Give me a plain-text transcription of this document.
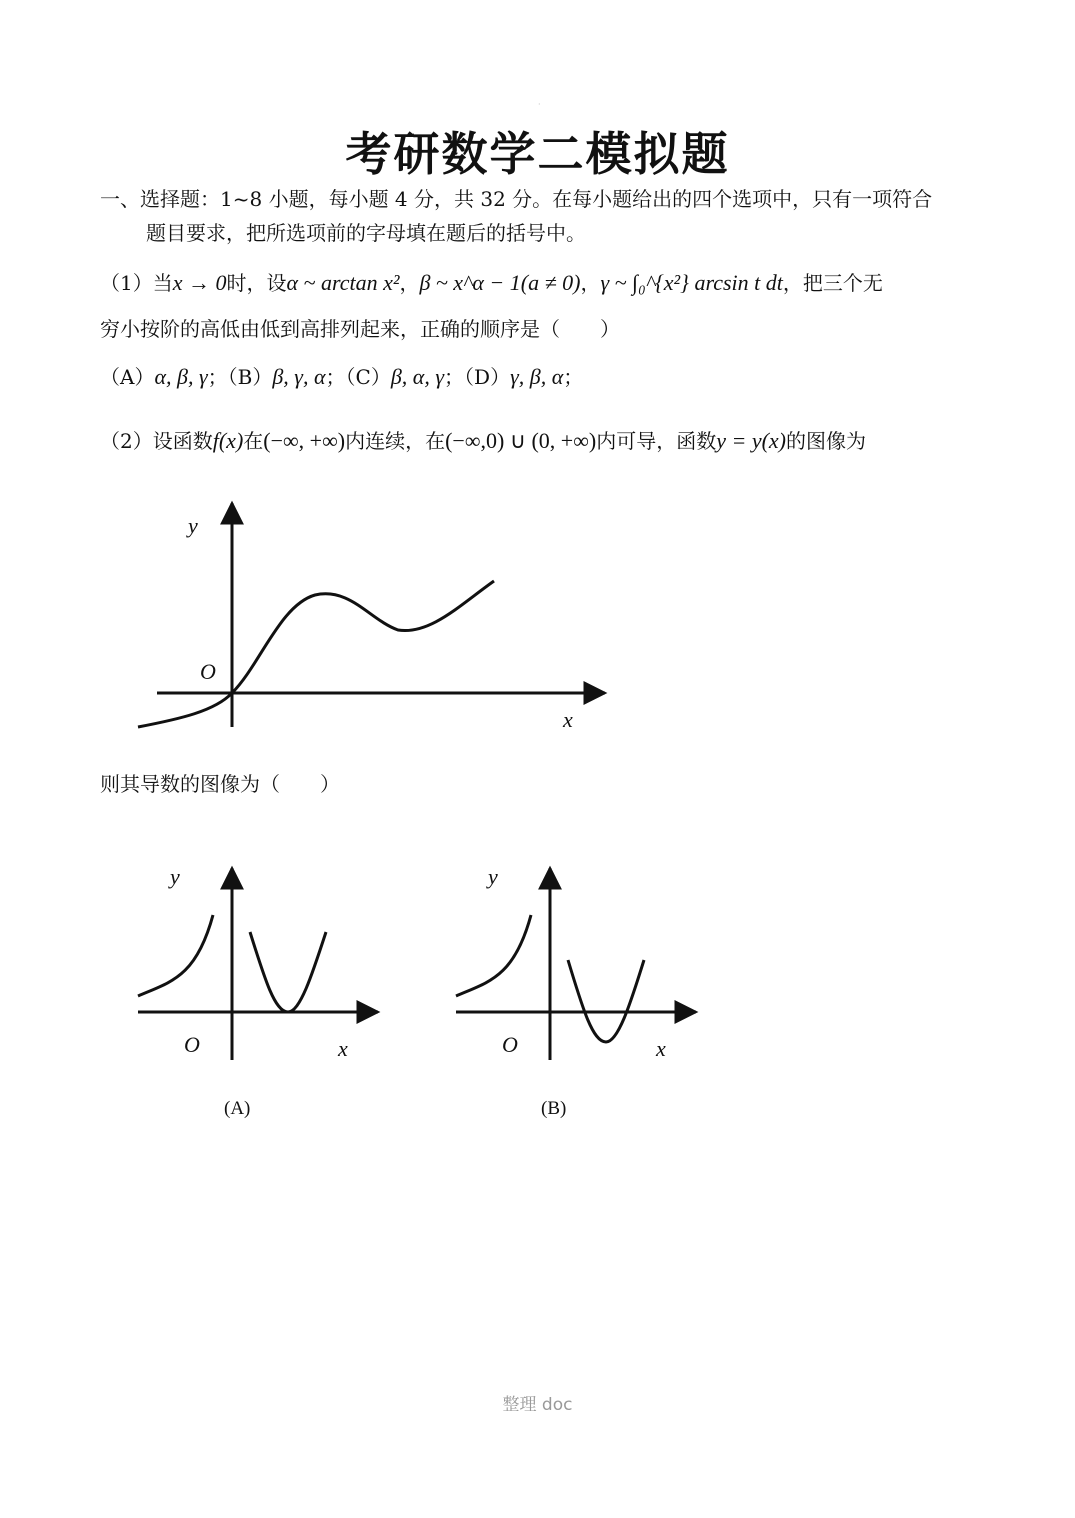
·
考研数学二模拟题
一、选择题：1~8 小题，每小题 4 分，共 32 分。在每小题给出的四个选项中，只有一项符合
题目要求，把所选项前的字母填在题后的括号中。
（1）当x → 0时，设α ~ arctan x²，β ~ x^α − 1(a ≠ 0)，γ ~ ∫₀^{x²} arcsin t dt，把三个无
穷小按阶的高低由低到高排列起来，正确的顺序是（　　）
（A）α, β, γ；（B）β, γ, α；（C）β, α, γ；（D）γ, β, α；
（2）设函数f(x)在(−∞, +∞)内连续，在(−∞,0) ∪ (0, +∞)内可导，函数y = y(x)的图像为
y
O
x
则其导数的图像为（　　）
y
O	x
(A)
y
O	x
(B)
整理 doc
